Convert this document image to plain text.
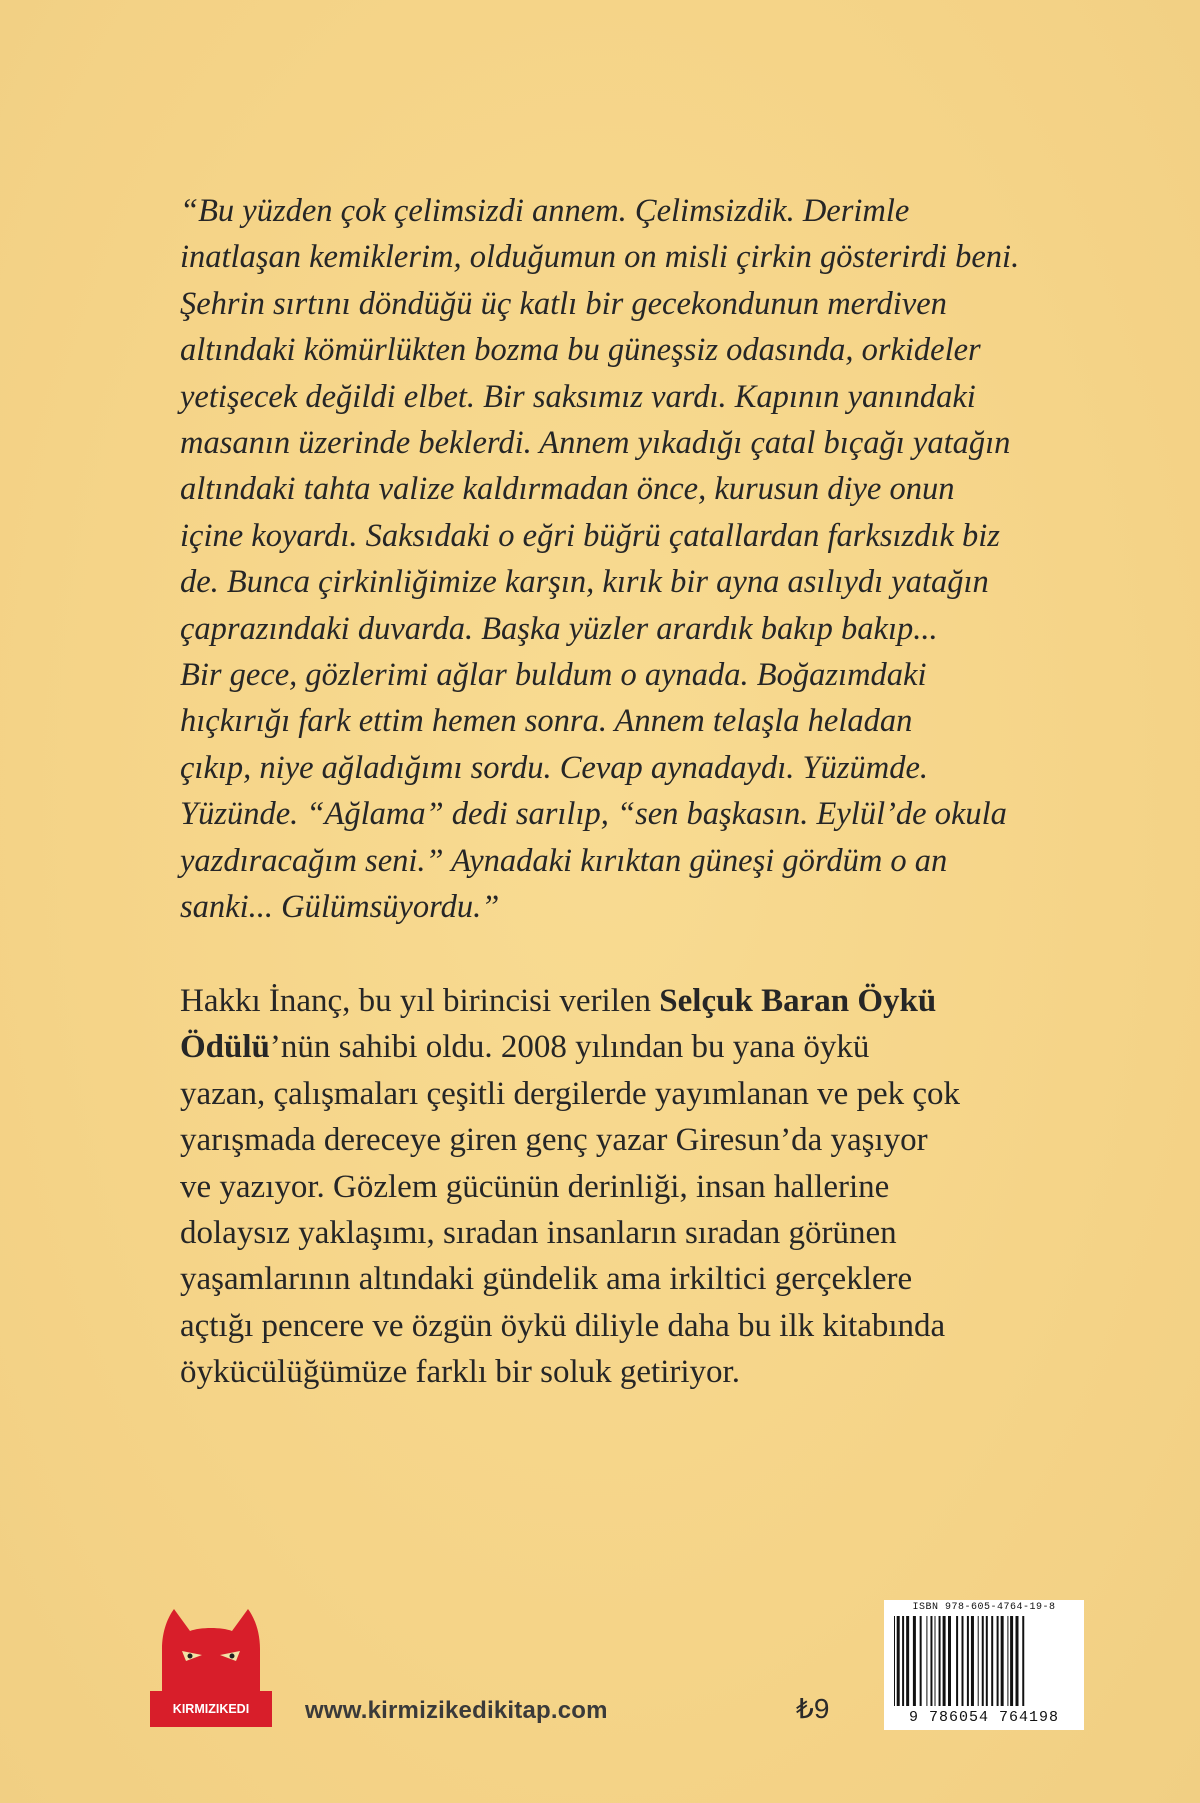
“Bu yüzden çok çelimsizdi annem. Çelimsizdik. Derimle
inatlaşan kemiklerim, olduğumun on misli çirkin gösterirdi beni.
Şehrin sırtını döndüğü üç katlı bir gecekondunun merdiven
altındaki kömürlükten bozma bu güneşsiz odasında, orkideler
yetişecek değildi elbet. Bir saksımız vardı. Kapının yanındaki
masanın üzerinde beklerdi. Annem yıkadığı çatal bıçağı yatağın
altındaki tahta valize kaldırmadan önce, kurusun diye onun
içine koyardı. Saksıdaki o eğri büğrü çatallardan farksızdık biz
de. Bunca çirkinliğimize karşın, kırık bir ayna asılıydı yatağın
çaprazındaki duvarda. Başka yüzler arardık bakıp bakıp...
Bir gece, gözlerimi ağlar buldum o aynada. Boğazımdaki
hıçkırığı fark ettim hemen sonra. Annem telaşla heladan
çıkıp, niye ağladığımı sordu. Cevap aynadaydı. Yüzümde.
Yüzünde. “Ağlama” dedi sarılıp, “sen başkasın. Eylül’de okula
yazdıracağım seni.” Aynadaki kırıktan güneşi gördüm o an
sanki... Gülümsüyordu.”
Hakkı İnanç, bu yıl birincisi verilen Selçuk Baran Öykü
Ödülü’nün sahibi oldu. 2008 yılından bu yana öykü
yazan, çalışmaları çeşitli dergilerde yayımlanan ve pek çok
yarışmada dereceye giren genç yazar Giresun’da yaşıyor
ve yazıyor. Gözlem gücünün derinliği, insan hallerine
dolaysız yaklaşımı, sıradan insanların sıradan görünen
yaşamlarının altındaki gündelik ama irkiltici gerçeklere
açtığı pencere ve özgün öykü diliyle daha bu ilk kitabında
öykücülüğümüze farklı bir soluk getiriyor.
KIRMIZIKEDI www.kirmizikedikitap.com	₺9
ISBN 978-605-4764-19-8
9 786054 764198
